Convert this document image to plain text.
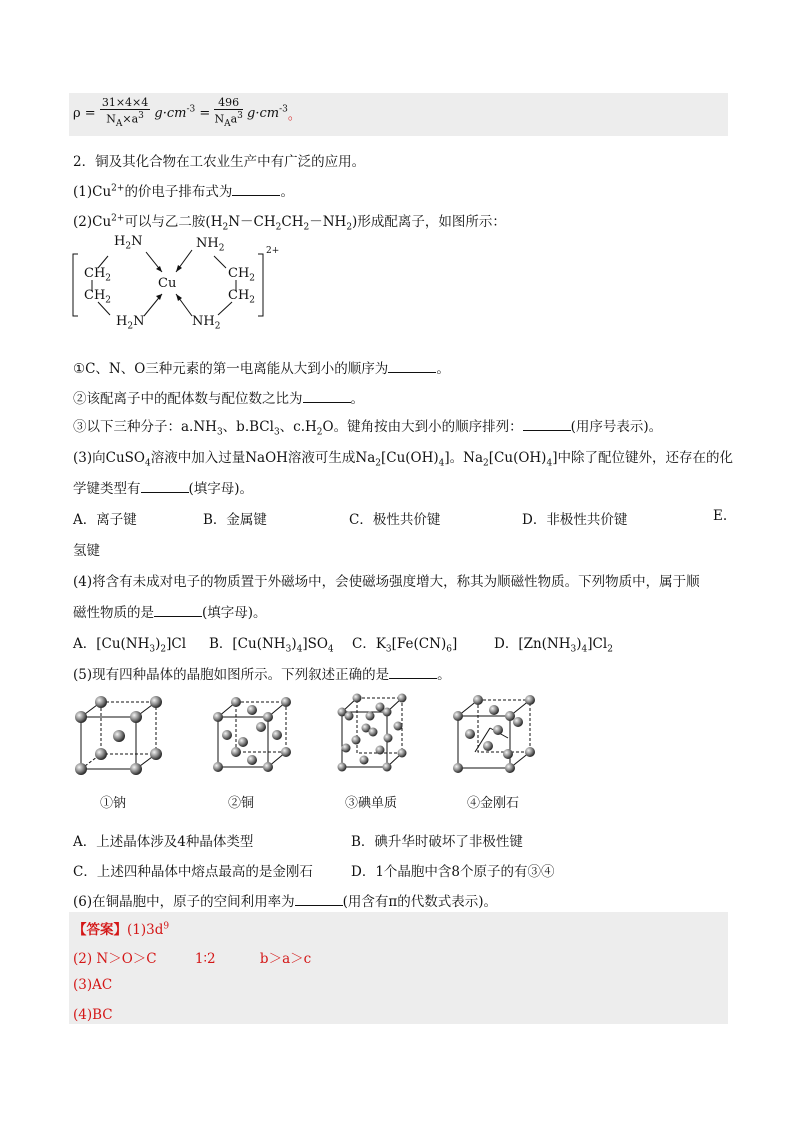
$\rho = \frac{31\times 4\times 4}{N_A\times a^3} g\cdot cm^{-3} = \frac{496}{N_Aa^3} g\cdot cm^{-3}$。
2．铜及其化合物在工农业生产中有广泛的应用。
$(1)Cu^{2+}$的价电子排布式为	。
$(2)Cu^{2+}$可以与乙二胺$(H_2N-CH_2CH_2-NH_2)$形成配离子，如图所示：
$H_2N$	$NH_2$	2+
$CH_2$
$CH_2$
$CH_2$
$CH_2$
Cu
$H_2N$	$NH_2$
①C、N、O三种元素的第一电离能从大到小的顺序为	。
②该配离子中的配体数与配位数之比为	。
③以下三种分子：$a.NH_3$、b.BCl$_3$、$c.H_2O$。键角按由大到小的顺序排列：	(用序号表示)。
(3)向CuSO$_4$溶液中加入过量NaOH溶液可生成$Na_2[Cu(OH)_4]$。$Na_2[Cu(OH)_4]$中除了配位键外，还存在的化
学键类型有	(填字母)。
A．离子键	B．金属键	C．极性共价键	D．非极性共价键	E.
氢键
(4)将含有未成对电子的物质置于外磁场中，会使磁场强度增大，称其为顺磁性物质。下列物质中，属于顺
磁性物质的是	(填字母)。
A．$[Cu(NH_3)_2]Cl$ B．$[Cu(NH_3)_4]SO_4$ C．$K_3[Fe(CN)_6]$	D．$[Zn(NH_3)_4]Cl_2$
(5)现有四种晶体的晶胞如图所示。下列叙述正确的是	。
①钠	②铜	③碘单质	④金刚石
A．上述晶体涉及4种晶体类型	B．碘升华时破坏了非极性键
C．上述四种晶体中熔点最高的是金刚石	D．1个晶胞中含8个原子的有③④
(6)在铜晶胞中，原子的空间利用率为	(用含有π的代数式表示)。
【答案】$(1)3d^9$
(2) N＞O＞C	1∶2	b＞a＞c
(3)AC
(4)BC
